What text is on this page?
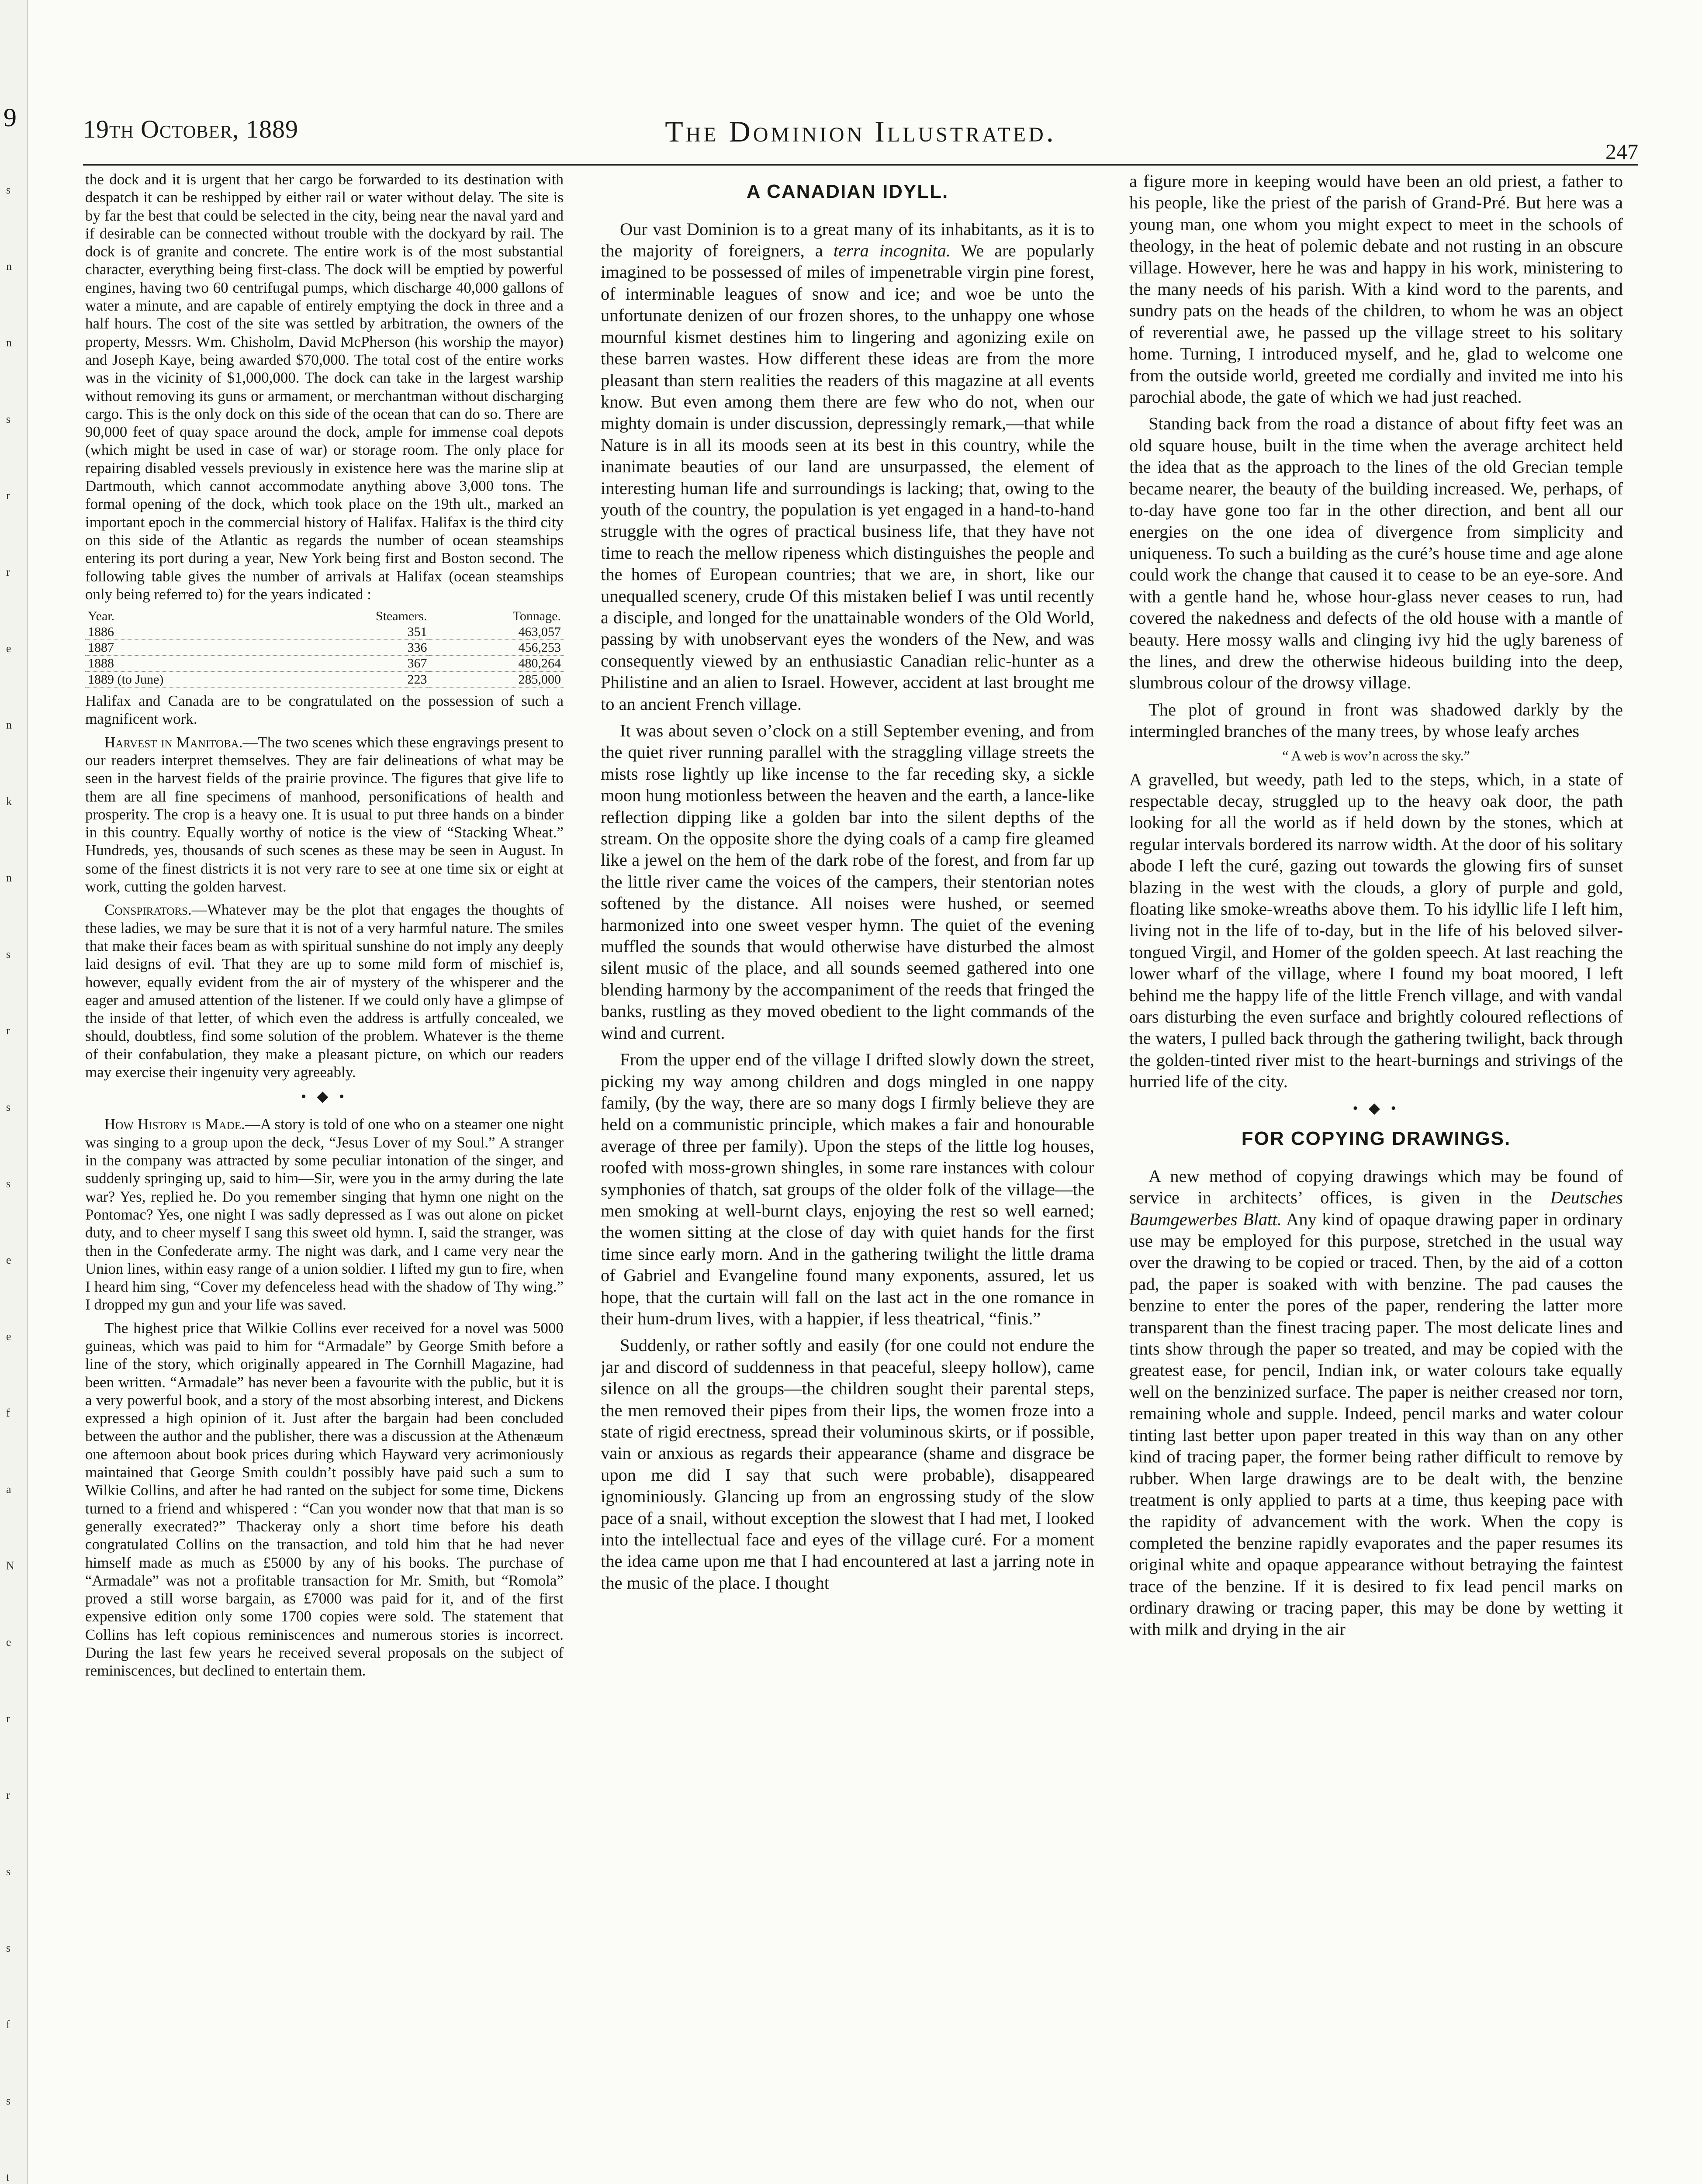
9
s
n
n
s
r
r
e
n
k
n
s
r
s
s
e
e
f
a
N
e
r
r
s
s
f
s
t
19th October, 1889	The Dominion Illustrated.
247

the dock and it is urgent that her cargo be forwarded to its destination with despatch it can be reshipped by either rail or water without delay. The site is by far the best that could be selected in the city, being near the naval yard and if desirable can be connected without trouble with the dockyard by rail. The dock is of granite and concrete. The entire work is of the most substantial character, everything being first-class. The dock will be emptied by powerful engines, having two 60 centrifugal pumps, which discharge 40,000 gallons of water a minute, and are capable of entirely emptying the dock in three and a half hours. The cost of the site was settled by arbitration, the owners of the property, Messrs. Wm. Chisholm, David McPherson (his worship the mayor) and Joseph Kaye, being awarded $70,000. The total cost of the entire works was in the vicinity of $1,000,000. The dock can take in the largest warship without removing its guns or armament, or merchantman without discharging cargo. This is the only dock on this side of the ocean that can do so. There are 90,000 feet of quay space around the dock, ample for immense coal depots (which might be used in case of war) or storage room. The only place for repairing disabled vessels previously in existence here was the marine slip at Dartmouth, which cannot accommodate anything above 3,000 tons. The formal opening of the dock, which took place on the 19th ult., marked an important epoch in the commercial history of Halifax. Halifax is the third city on this side of the Atlantic as regards the number of ocean steamships entering its port during a year, New York being first and Boston second. The following table gives the number of arrivals at Halifax (ocean steamships only being referred to) for the years indicated :

Year.	Steamers.	Tonnage.
1886	351	463,057
1887	336	456,253
1888	367	480,264
1889 (to June)	223	285,000

Halifax and Canada are to be congratulated on the possession of such a magnificent work.

Harvest in Manitoba.—The two scenes which these engravings present to our readers interpret themselves. They are fair delineations of what may be seen in the harvest fields of the prairie province. The figures that give life to them are all fine specimens of manhood, personifications of health and prosperity. The crop is a heavy one. It is usual to put three hands on a binder in this country. Equally worthy of notice is the view of “Stacking Wheat.” Hundreds, yes, thousands of such scenes as these may be seen in August. In some of the finest districts it is not very rare to see at one time six or eight at work, cutting the golden harvest.

Conspirators.—Whatever may be the plot that engages the thoughts of these ladies, we may be sure that it is not of a very harmful nature. The smiles that make their faces beam as with spiritual sunshine do not imply any deeply laid designs of evil. That they are up to some mild form of mischief is, however, equally evident from the air of mystery of the whisperer and the eager and amused attention of the listener. If we could only have a glimpse of the inside of that letter, of which even the address is artfully concealed, we should, doubtless, find some solution of the problem. Whatever is the theme of their confabulation, they make a pleasant picture, on which our readers may exercise their ingenuity very agreeably.

• ◆ •

How History is Made.—A story is told of one who on a steamer one night was singing to a group upon the deck, “Jesus Lover of my Soul.” A stranger in the company was attracted by some peculiar intonation of the singer, and suddenly springing up, said to him—Sir, were you in the army during the late war? Yes, replied he. Do you remember singing that hymn one night on the Pontomac? Yes, one night I was sadly depressed as I was out alone on picket duty, and to cheer myself I sang this sweet old hymn. I, said the stranger, was then in the Confederate army. The night was dark, and I came very near the Union lines, within easy range of a union soldier. I lifted my gun to fire, when I heard him sing, “Cover my defenceless head with the shadow of Thy wing.” I dropped my gun and your life was saved.

The highest price that Wilkie Collins ever received for a novel was 5000 guineas, which was paid to him for “Armadale” by George Smith before a line of the story, which originally appeared in The Cornhill Magazine, had been written. “Armadale” has never been a favourite with the public, but it is a very powerful book, and a story of the most absorbing interest, and Dickens expressed a high opinion of it. Just after the bargain had been concluded between the author and the publisher, there was a discussion at the Athenæum one afternoon about book prices during which Hayward very acrimoniously maintained that George Smith couldn’t possibly have paid such a sum to Wilkie Collins, and after he had ranted on the subject for some time, Dickens turned to a friend and whispered : “Can you wonder now that that man is so generally execrated?” Thackeray only a short time before his death congratulated Collins on the transaction, and told him that he had never himself made as much as £5000 by any of his books. The purchase of “Armadale” was not a profitable transaction for Mr. Smith, but “Romola” proved a still worse bargain, as £7000 was paid for it, and of the first expensive edition only some 1700 copies were sold. The statement that Collins has left copious reminiscences and numerous stories is incorrect. During the last few years he received several proposals on the subject of reminiscences, but declined to entertain them.

A CANADIAN IDYLL.

Our vast Dominion is to a great many of its inhabitants, as it is to the majority of foreigners, a terra incognita. We are popularly imagined to be possessed of miles of impenetrable virgin pine forest, of interminable leagues of snow and ice; and woe be unto the unfortunate denizen of our frozen shores, to the unhappy one whose mournful kismet destines him to lingering and agonizing exile on these barren wastes. How different these ideas are from the more pleasant than stern realities the readers of this magazine at all events know. But even among them there are few who do not, when our mighty domain is under discussion, depressingly remark,—that while Nature is in all its moods seen at its best in this country, while the inanimate beauties of our land are unsurpassed, the element of interesting human life and surroundings is lacking; that, owing to the youth of the country, the population is yet engaged in a hand-to-hand struggle with the ogres of practical business life, that they have not time to reach the mellow ripeness which distinguishes the people and the homes of European countries; that we are, in short, like our unequalled scenery, crude Of this mistaken belief I was until recently a disciple, and longed for the unattainable wonders of the Old World, passing by with unobservant eyes the wonders of the New, and was consequently viewed by an enthusiastic Canadian relic-hunter as a Philistine and an alien to Israel. However, accident at last brought me to an ancient French village.

It was about seven o’clock on a still September evening, and from the quiet river running parallel with the straggling village streets the mists rose lightly up like incense to the far receding sky, a sickle moon hung motionless between the heaven and the earth, a lance-like reflection dipping like a golden bar into the silent depths of the stream. On the opposite shore the dying coals of a camp fire gleamed like a jewel on the hem of the dark robe of the forest, and from far up the little river came the voices of the campers, their stentorian notes softened by the distance. All noises were hushed, or seemed harmonized into one sweet vesper hymn. The quiet of the evening muffled the sounds that would otherwise have disturbed the almost silent music of the place, and all sounds seemed gathered into one blending harmony by the accompaniment of the reeds that fringed the banks, rustling as they moved obedient to the light commands of the wind and current.

From the upper end of the village I drifted slowly down the street, picking my way among children and dogs mingled in one nappy family, (by the way, there are so many dogs I firmly believe they are held on a communistic principle, which makes a fair and honourable average of three per family). Upon the steps of the little log houses, roofed with moss-grown shingles, in some rare instances with colour symphonies of thatch, sat groups of the older folk of the village—the men smoking at well-burnt clays, enjoying the rest so well earned; the women sitting at the close of day with quiet hands for the first time since early morn. And in the gathering twilight the little drama of Gabriel and Evangeline found many exponents, assured, let us hope, that the curtain will fall on the last act in the one romance in their hum-drum lives, with a happier, if less theatrical, “finis.”

Suddenly, or rather softly and easily (for one could not endure the jar and discord of suddenness in that peaceful, sleepy hollow), came silence on all the groups—the children sought their parental steps, the men removed their pipes from their lips, the women froze into a state of rigid erectness, spread their voluminous skirts, or if possible, vain or anxious as regards their appearance (shame and disgrace be upon me did I say that such were probable), disappeared ignominiously. Glancing up from an engrossing study of the slow pace of a snail, without exception the slowest that I had met, I looked into the intellectual face and eyes of the village curé. For a moment the idea came upon me that I had encountered at last a jarring note in the music of the place. I thought

a figure more in keeping would have been an old priest, a father to his people, like the priest of the parish of Grand-Pré. But here was a young man, one whom you might expect to meet in the schools of theology, in the heat of polemic debate and not rusting in an obscure village. However, here he was and happy in his work, ministering to the many needs of his parish. With a kind word to the parents, and sundry pats on the heads of the children, to whom he was an object of reverential awe, he passed up the village street to his solitary home. Turning, I introduced myself, and he, glad to welcome one from the outside world, greeted me cordially and invited me into his parochial abode, the gate of which we had just reached.

Standing back from the road a distance of about fifty feet was an old square house, built in the time when the average architect held the idea that as the approach to the lines of the old Grecian temple became nearer, the beauty of the building increased. We, perhaps, of to-day have gone too far in the other direction, and bent all our energies on the one idea of divergence from simplicity and uniqueness. To such a building as the curé’s house time and age alone could work the change that caused it to cease to be an eye-sore. And with a gentle hand he, whose hour-glass never ceases to run, had covered the nakedness and defects of the old house with a mantle of beauty. Here mossy walls and clinging ivy hid the ugly bareness of the lines, and drew the otherwise hideous building into the deep, slumbrous colour of the drowsy village.

The plot of ground in front was shadowed darkly by the intermingled branches of the many trees, by whose leafy arches

“ A web is wov’n across the sky.”

A gravelled, but weedy, path led to the steps, which, in a state of respectable decay, struggled up to the heavy oak door, the path looking for all the world as if held down by the stones, which at regular intervals bordered its narrow width. At the door of his solitary abode I left the curé, gazing out towards the glowing firs of sunset blazing in the west with the clouds, a glory of purple and gold, floating like smoke-wreaths above them. To his idyllic life I left him, living not in the life of to-day, but in the life of his beloved silver-tongued Virgil, and Homer of the golden speech. At last reaching the lower wharf of the village, where I found my boat moored, I left behind me the happy life of the little French village, and with vandal oars disturbing the even surface and brightly coloured reflections of the waters, I pulled back through the gathering twilight, back through the golden-tinted river mist to the heart-burnings and strivings of the hurried life of the city.

• ◆ •
FOR COPYING DRAWINGS.

A new method of copying drawings which may be found of service in architects’ offices, is given in the Deutsches Baumgewerbes Blatt. Any kind of opaque drawing paper in ordinary use may be employed for this purpose, stretched in the usual way over the drawing to be copied or traced. Then, by the aid of a cotton pad, the paper is soaked with with benzine. The pad causes the benzine to enter the pores of the paper, rendering the latter more transparent than the finest tracing paper. The most delicate lines and tints show through the paper so treated, and may be copied with the greatest ease, for pencil, Indian ink, or water colours take equally well on the benzinized surface. The paper is neither creased nor torn, remaining whole and supple. Indeed, pencil marks and water colour tinting last better upon paper treated in this way than on any other kind of tracing paper, the former being rather difficult to remove by rubber. When large drawings are to be dealt with, the benzine treatment is only applied to parts at a time, thus keeping pace with the rapidity of advancement with the work. When the copy is completed the benzine rapidly evaporates and the paper resumes its original white and opaque appearance without betraying the faintest trace of the benzine. If it is desired to fix lead pencil marks on ordinary drawing or tracing paper, this may be done by wetting it with milk and drying in the air
